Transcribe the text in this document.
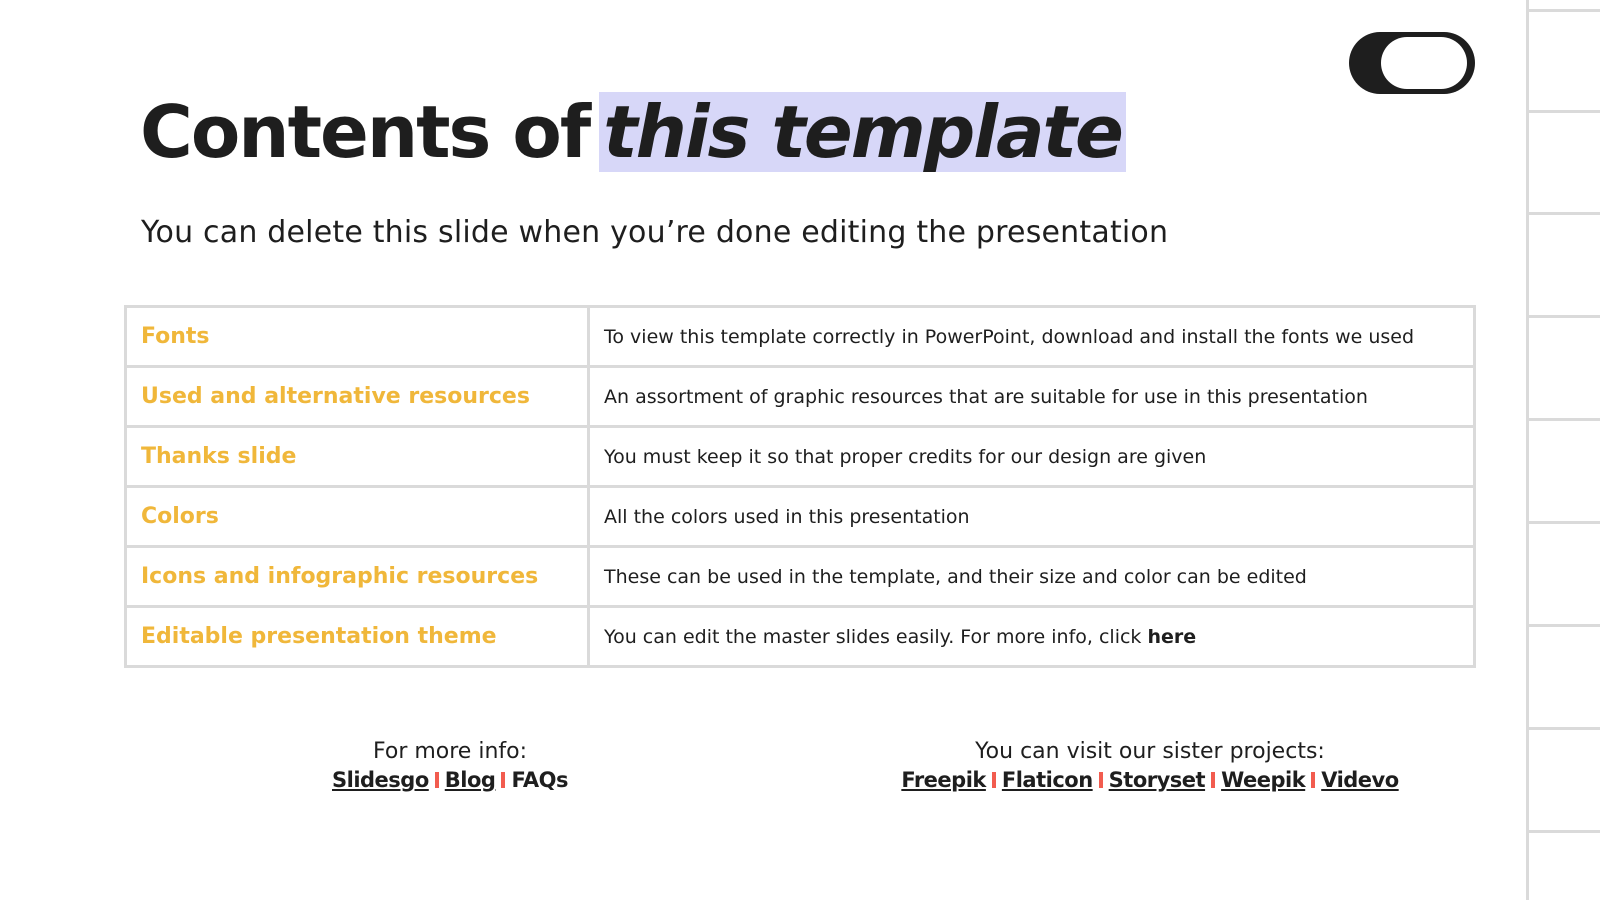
Contents of this template

You can delete this slide when you’re done editing the presentation

Fonts	To view this template correctly in PowerPoint, download and install the fonts we used
Used and alternative resources	An assortment of graphic resources that are suitable for use in this presentation
Thanks slide	You must keep it so that proper credits for our design are given
Colors	All the colors used in this presentation
Icons and infographic resources	These can be used in the template, and their size and color can be edited
Editable presentation theme	You can edit the master slides easily. For more info, click here
For more info:
Slidesgo Blog FAQs
You can visit our sister projects:
Freepik Flaticon Storyset Weepik Videvo
